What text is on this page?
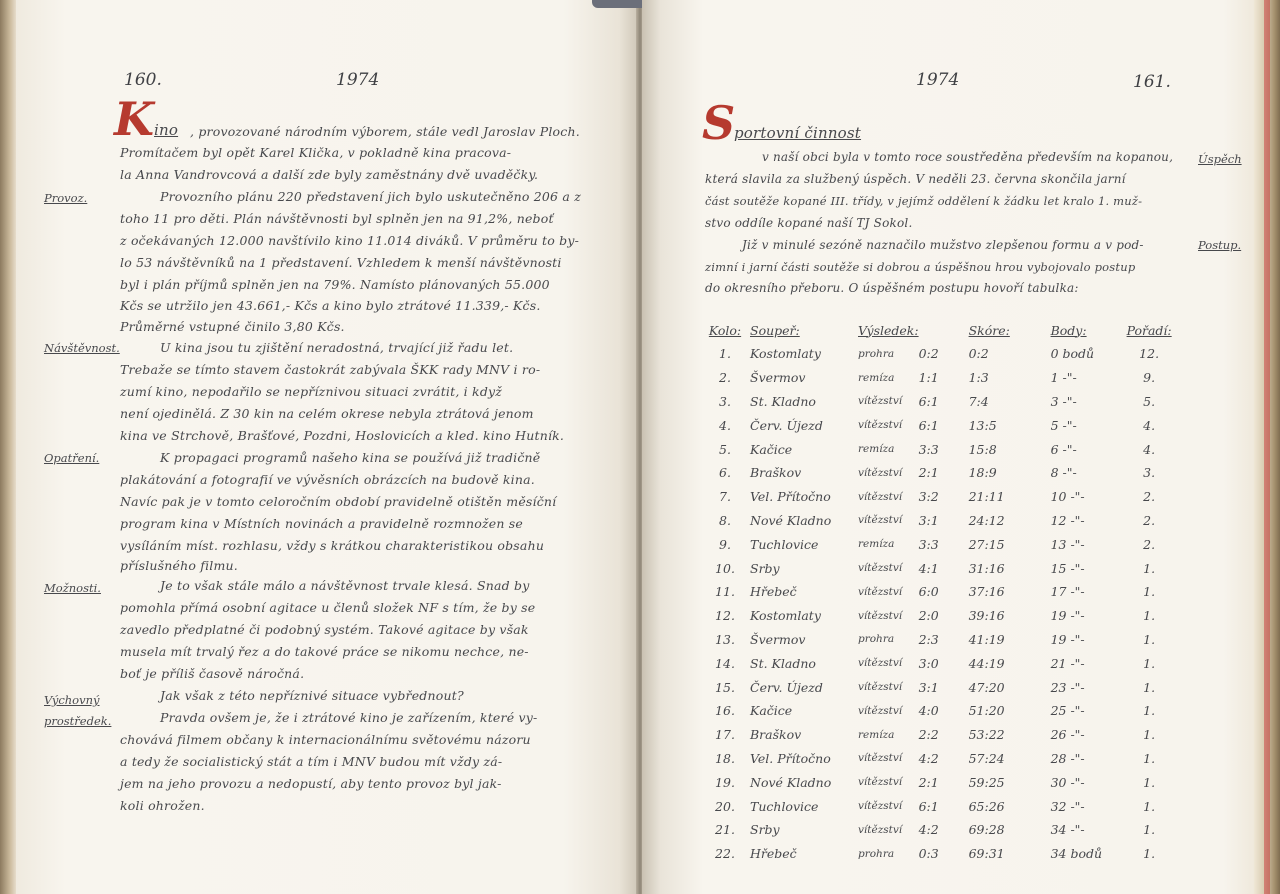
160.	1974
K ino , provozované národním výborem, stále vedl Jaroslav Ploch.
Promítačem byl opět Karel Klička, v pokladně kina pracova-
la Anna Vandrovcová a další zde byly zaměstnány dvě uvaděčky.
Provozního plánu 220 představení jich bylo uskutečněno 206 a z
toho 11 pro děti. Plán návštěvnosti byl splněn jen na 91,2%, neboť
z očekávaných 12.000 navštívilo kino 11.014 diváků. V průměru to by-
lo 53 návštěvníků na 1 představení. Vzhledem k menší návštěvnosti
byl i plán příjmů splněn jen na 79%. Namísto plánovaných 55.000
Kčs se utržilo jen 43.661,- Kčs a kino bylo ztrátové 11.339,- Kčs.
Průměrné vstupné činilo 3,80 Kčs.
U kina jsou tu zjištění neradostná, trvající již řadu let.
Trebaže se tímto stavem častokrát zabývala ŠKK rady MNV i ro-
zumí kino, nepodařilo se nepříznivou situaci zvrátit, i když
není ojedinělá. Z 30 kin na celém okrese nebyla ztrátová jenom
kina ve Strchově, Brašťové, Pozdni, Hoslovicích a kled. kino Hutník.
K propagaci programů našeho kina se používá již tradičně
plakátování a fotografií ve vývěsních obrázcích na budově kina.
Navíc pak je v tomto celoročním období pravidelně otištěn měsíční
program kina v Místních novinách a pravidelně rozmnožen se
vysíláním míst. rozhlasu, vždy s krátkou charakteristikou obsahu
příslušného filmu.
Je to však stále málo a návštěvnost trvale klesá. Snad by
pomohla přímá osobní agitace u členů složek NF s tím, že by se
zavedlo předplatné či podobný systém. Takové agitace by však
musela mít trvalý řez a do takové práce se nikomu nechce, ne-
boť je příliš časově náročná.
Jak však z této nepříznivé situace vybřednout?
Pravda ovšem je, že i ztrátové kino je zařízením, které vy-
chovává filmem občany k internacionálnímu světovému názoru
a tedy že socialistický stát a tím i MNV budou mít vždy zá-
jem na jeho provozu a nedopustí, aby tento provoz byl jak-
koli ohrožen.
Provoz.
Návštěvnost.
Opatření.
Možnosti.
Výchovný
prostředek.
1974	161.
S
portovní činnost
v naší obci byla v tomto roce soustředěna především na kopanou,
která slavila za službený úspěch. V neděli 23. června skončila jarní
část soutěže kopané III. třídy, v jejímž oddělení k žádku let kralo 1. muž-
stvo oddíle kopané naší TJ Sokol.
Již v minulé sezóně naznačilo mužstvo zlepšenou formu a v pod-
zimní i jarní části soutěže si dobrou a úspěšnou hrou vybojovalo postup
do okresního přeboru. O úspěšném postupu hovoří tabulka:
Úspěch
Postup.
Kolo:	Soupeř:	Výsledek:		Skóre:	Body:	Pořadí:
1.	Kostomlaty	prohra	0:2	0:2	0 bodů	12.
2.	Švermov	remíza	1:1	1:3	1 -"-	9.
3.	St. Kladno	vítězství	6:1	7:4	3 -"-	5.
4.	Červ. Újezd	vítězství	6:1	13:5	5 -"-	4.
5.	Kačice	remíza	3:3	15:8	6 -"-	4.
6.	Braškov	vítězství	2:1	18:9	8 -"-	3.
7.	Vel. Přítočno	vítězství	3:2	21:11	10 -"-	2.
8.	Nové Kladno	vítězství	3:1	24:12	12 -"-	2.
9.	Tuchlovice	remíza	3:3	27:15	13 -"-	2.
10.	Srby	vítězství	4:1	31:16	15 -"-	1.
11.	Hřebeč	vítězství	6:0	37:16	17 -"-	1.
12.	Kostomlaty	vítězství	2:0	39:16	19 -"-	1.
13.	Švermov	prohra	2:3	41:19	19 -"-	1.
14.	St. Kladno	vítězství	3:0	44:19	21 -"-	1.
15.	Červ. Újezd	vítězství	3:1	47:20	23 -"-	1.
16.	Kačice	vítězství	4:0	51:20	25 -"-	1.
17.	Braškov	remíza	2:2	53:22	26 -"-	1.
18.	Vel. Přítočno	vítězství	4:2	57:24	28 -"-	1.
19.	Nové Kladno	vítězství	2:1	59:25	30 -"-	1.
20.	Tuchlovice	vítězství	6:1	65:26	32 -"-	1.
21.	Srby	vítězství	4:2	69:28	34 -"-	1.
22.	Hřebeč	prohra	0:3	69:31	34 bodů	1.
